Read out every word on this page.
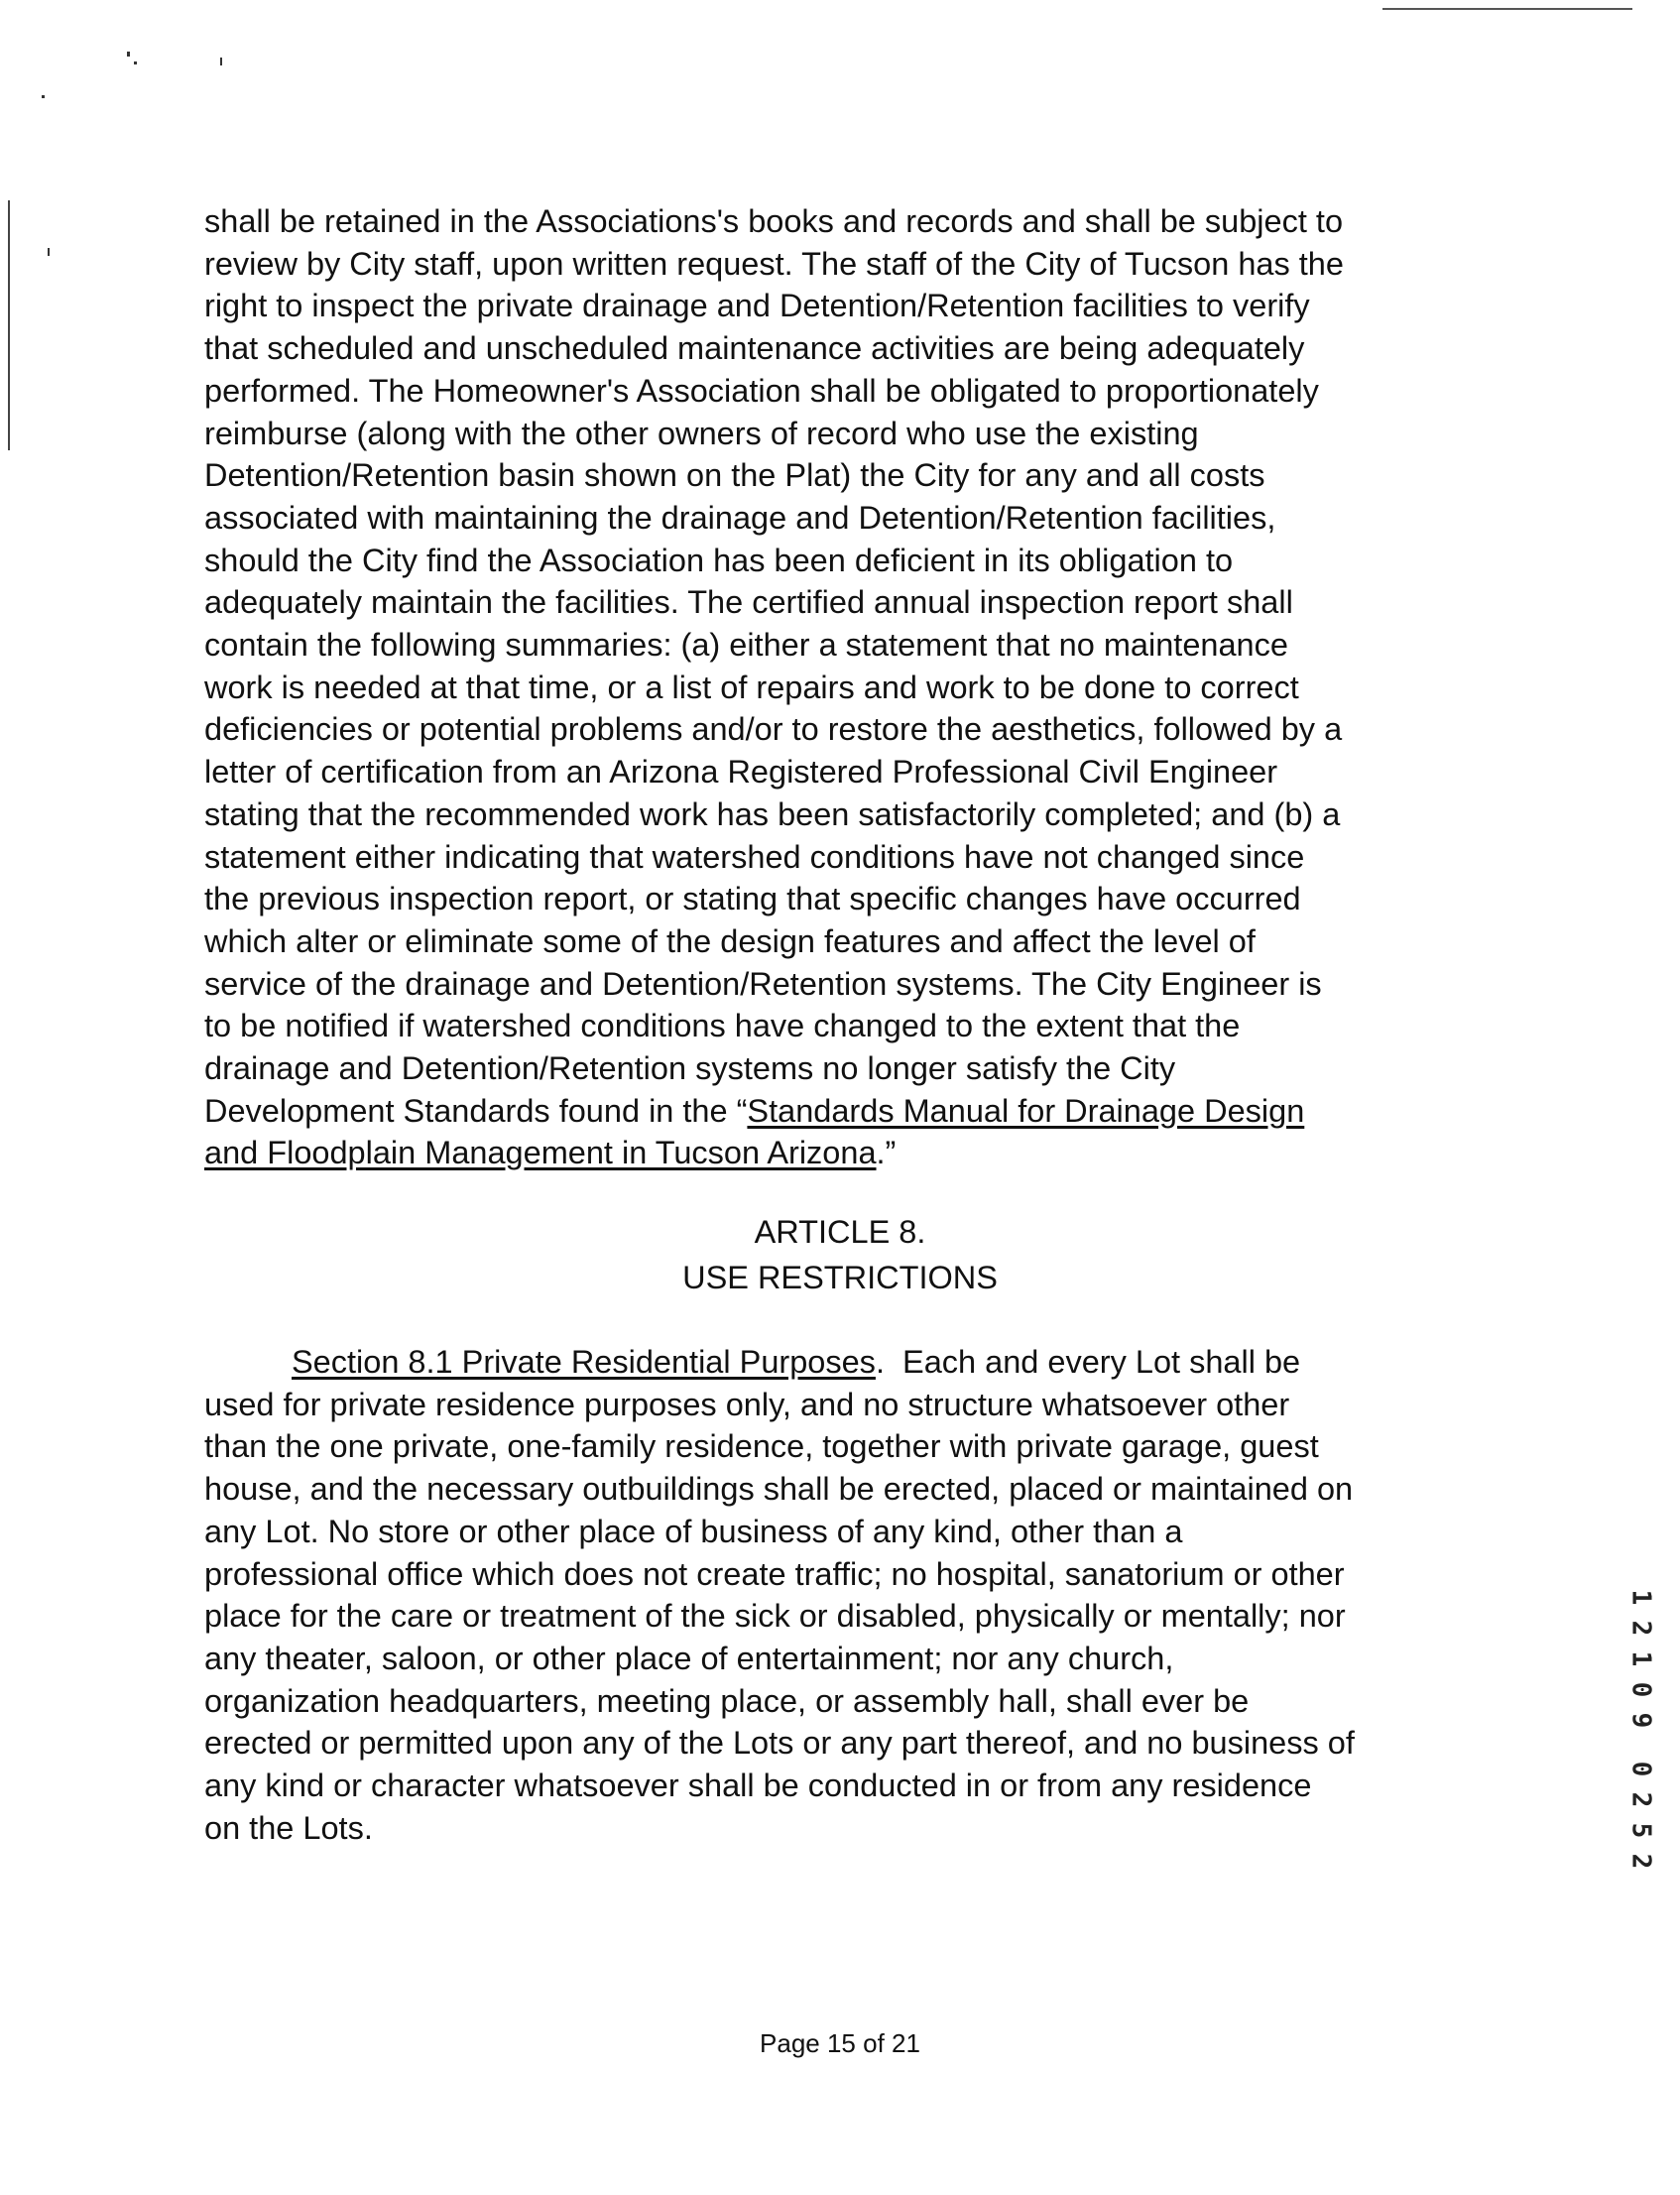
shall be retained in the Associations's books and records and shall be subject to
review by City staff, upon written request. The staff of the City of Tucson has the
right to inspect the private drainage and Detention/Retention facilities to verify
that scheduled and unscheduled maintenance activities are being adequately
performed. The Homeowner's Association shall be obligated to proportionately
reimburse (along with the other owners of record who use the existing
Detention/Retention basin shown on the Plat) the City for any and all costs
associated with maintaining the drainage and Detention/Retention facilities,
should the City find the Association has been deficient in its obligation to
adequately maintain the facilities. The certified annual inspection report shall
contain the following summaries: (a) either a statement that no maintenance
work is needed at that time, or a list of repairs and work to be done to correct
deficiencies or potential problems and/or to restore the aesthetics, followed by a
letter of certification from an Arizona Registered Professional Civil Engineer
stating that the recommended work has been satisfactorily completed; and (b) a
statement either indicating that watershed conditions have not changed since
the previous inspection report, or stating that specific changes have occurred
which alter or eliminate some of the design features and affect the level of
service of the drainage and Detention/Retention systems. The City Engineer is
to be notified if watershed conditions have changed to the extent that the
drainage and Detention/Retention systems no longer satisfy the City
Development Standards found in the “Standards Manual for Drainage Design
and Floodplain Management in Tucson Arizona.”

ARTICLE 8.

USE RESTRICTIONS

Section 8.1 Private Residential Purposes.  Each and every Lot shall be
used for private residence purposes only, and no structure whatsoever other
than the one private, one-family residence, together with private garage, guest
house, and the necessary outbuildings shall be erected, placed or maintained on
any Lot. No store or other place of business of any kind, other than a
professional office which does not create traffic; no hospital, sanatorium or other
place for the care or treatment of the sick or disabled, physically or mentally; nor
any theater, saloon, or other place of entertainment; nor any church,
organization headquarters, meeting place, or assembly hall, shall ever be
erected or permitted upon any of the Lots or any part thereof, and no business of
any kind or character whatsoever shall be conducted in or from any residence
on the Lots.
1
2
1
0
9
0
2
5
2

Page 15 of 21
